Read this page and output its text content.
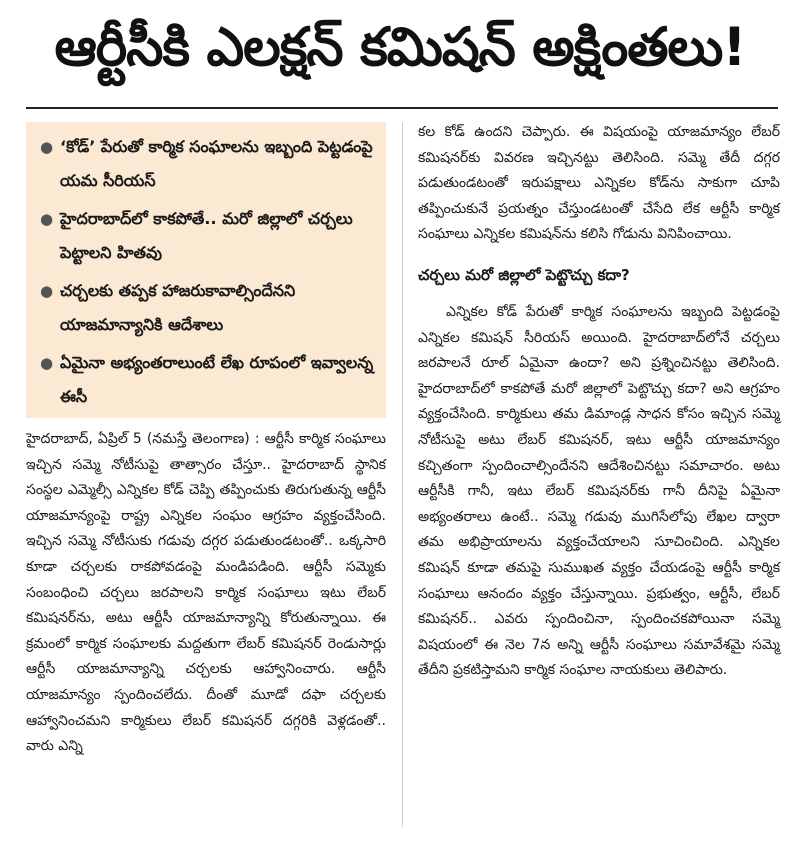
ఆర్టీసీకి ఎలక్షన్ కమిషన్ అక్షింతలు!
● ‘కోడ్’ పేరుతో కార్మిక సంఘాలను ఇబ్బంది పెట్టడంపై యమ సీరియస్
● హైదరాబాద్‌లో కాకపోతే.. మరో జిల్లాలో చర్చలు పెట్టాలని హితవు
● చర్చలకు తప్పక హాజరుకావాల్సిందేనని యాజమాన్యానికి ఆదేశాలు
● ఏమైనా అభ్యంతరాలుంటే లేఖ రూపంలో ఇవ్వాలన్న ఈసీ

హైదరాబాద్, ఏప్రిల్ 5 (నమస్తే తెలంగాణ) : ఆర్టీసీ కార్మిక సంఘాలు ఇచ్చిన సమ్మె నోటీసుపై తాత్సారం చేస్తూ.. హైదరాబాద్ స్థానిక సంస్థల ఎమ్మెల్సీ ఎన్నికల కోడ్ చెప్పి తప్పించుకు తిరుగుతున్న ఆర్టీసీ యాజమాన్యంపై రాష్ట్ర ఎన్నికల సంఘం ఆగ్రహం వ్యక్తంచేసింది. ఇచ్చిన సమ్మె నోటీసుకు గడువు దగ్గర పడుతుండటంతో.. ఒక్కసారి కూడా చర్చలకు రాకపోవడంపై మండిపడింది. ఆర్టీసీ సమ్మెకు సంబంధించి చర్చలు జరపాలని కార్మిక సంఘాలు ఇటు లేబర్ కమిషనర్‌ను, అటు ఆర్టీసీ యాజమాన్యాన్ని కోరుతున్నాయి. ఈ క్రమంలో కార్మిక సంఘాలకు మద్దతుగా లేబర్ కమిషనర్ రెండుసార్లు ఆర్టీసీ యాజమాన్యాన్ని చర్చలకు ఆహ్వానించారు. ఆర్టీసీ యాజమాన్యం స్పందించలేదు. దీంతో మూడో దఫా చర్చలకు ఆహ్వానించమని కార్మికులు లేబర్ కమిషనర్ దగ్గరికి వెళ్లడంతో.. వారు ఎన్ని

కల కోడ్ ఉందని చెప్పారు. ఈ విషయంపై యాజమాన్యం లేబర్ కమిషనర్‌కు వివరణ ఇచ్చినట్టు తెలిసింది. సమ్మె తేదీ దగ్గర పడుతుండటంతో ఇరుపక్షాలు ఎన్నికల కోడ్‌ను సాకుగా చూపి తప్పించుకునే ప్రయత్నం చేస్తుండటంతో చేసేది లేక ఆర్టీసీ కార్మిక సంఘాలు ఎన్నికల కమిషన్‌ను కలిసి గోడును వినిపించాయి.

చర్చలు మరో జిల్లాలో పెట్టొచ్చు కదా?

ఎన్నికల కోడ్ పేరుతో కార్మిక సంఘాలను ఇబ్బంది పెట్టడంపై ఎన్నికల కమిషన్ సీరియస్ అయింది. హైదరాబాద్‌లోనే చర్చలు జరపాలనే రూల్ ఏమైనా ఉందా? అని ప్రశ్నించినట్టు తెలిసింది. హైదరాబాద్‌లో కాకపోతే మరో జిల్లాలో పెట్టొచ్చు కదా? అని ఆగ్రహం వ్యక్తంచేసింది. కార్మికులు తమ డిమాండ్ల సాధన కోసం ఇచ్చిన సమ్మె నోటీసుపై అటు లేబర్ కమిషనర్, ఇటు ఆర్టీసీ యాజమాన్యం కచ్చితంగా స్పందించాల్సిందేనని ఆదేశించినట్టు సమాచారం. అటు ఆర్టీసీకి గానీ, ఇటు లేబర్ కమిషనర్‌కు గానీ దీనిపై ఏమైనా అభ్యంతరాలు ఉంటే.. సమ్మె గడువు ముగిసేలోపు లేఖల ద్వారా తమ అభిప్రాయాలను వ్యక్తంచేయాలని సూచించింది. ఎన్నికల కమిషన్ కూడా తమపై సుముఖత వ్యక్తం చేయడంపై ఆర్టీసీ కార్మిక సంఘాలు ఆనందం వ్యక్తం చేస్తున్నాయి. ప్రభుత్వం, ఆర్టీసీ, లేబర్ కమిషనర్.. ఎవరు స్పందించినా, స్పందించకపోయినా సమ్మె విషయంలో ఈ నెల 7న అన్ని ఆర్టీసీ సంఘాలు సమావేశమై సమ్మె తేదీని ప్రకటిస్తామని కార్మిక సంఘాల నాయకులు తెలిపారు.
